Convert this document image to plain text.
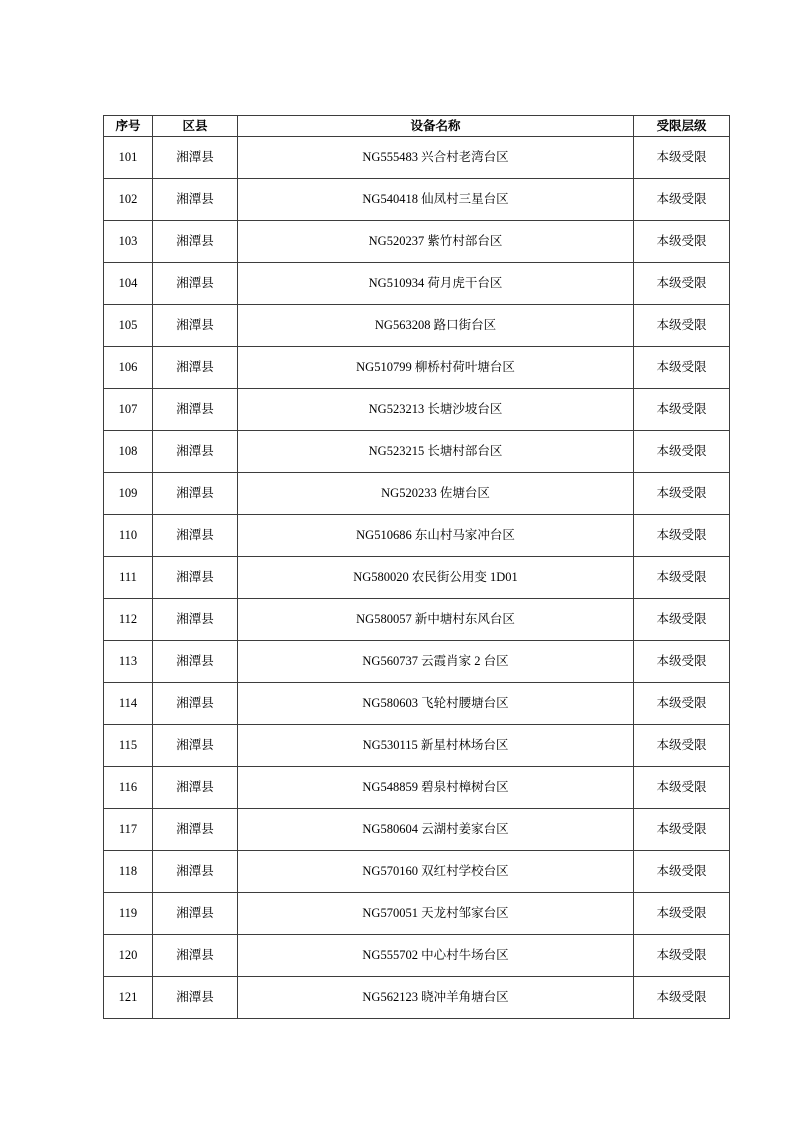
序号	区县	设备名称	受限层级
101	湘潭县	NG555483 兴合村老湾台区	本级受限
102	湘潭县	NG540418 仙凤村三星台区	本级受限
103	湘潭县	NG520237 紫竹村部台区	本级受限
104	湘潭县	NG510934 荷月虎干台区	本级受限
105	湘潭县	NG563208 路口街台区	本级受限
106	湘潭县	NG510799 柳桥村荷叶塘台区	本级受限
107	湘潭县	NG523213 长塘沙坡台区	本级受限
108	湘潭县	NG523215 长塘村部台区	本级受限
109	湘潭县	NG520233 佐塘台区	本级受限
110	湘潭县	NG510686 东山村马家冲台区	本级受限
111	湘潭县	NG580020 农民街公用变 1D01	本级受限
112	湘潭县	NG580057 新中塘村东风台区	本级受限
113	湘潭县	NG560737 云霞肖家 2 台区	本级受限
114	湘潭县	NG580603 飞轮村腰塘台区	本级受限
115	湘潭县	NG530115 新星村林场台区	本级受限
116	湘潭县	NG548859 碧泉村樟树台区	本级受限
117	湘潭县	NG580604 云湖村姜家台区	本级受限
118	湘潭县	NG570160 双红村学校台区	本级受限
119	湘潭县	NG570051 天龙村邹家台区	本级受限
120	湘潭县	NG555702 中心村牛场台区	本级受限
121	湘潭县	NG562123 晓冲羊角塘台区	本级受限
